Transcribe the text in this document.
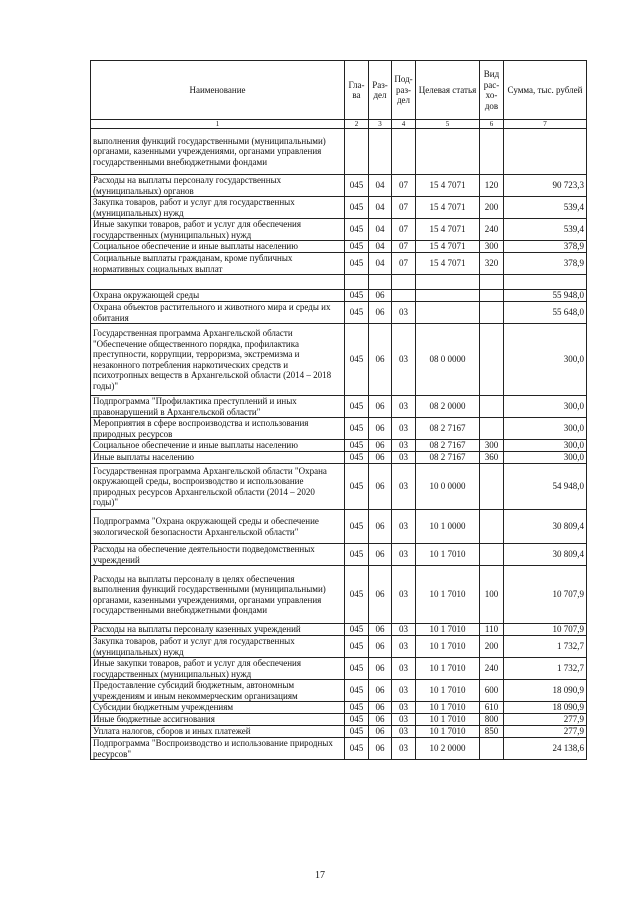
Наименование	Гла-ва	Раз-дел	Под-раз-дел	Целевая статья	Вид рас-хо-дов	Сумма, тыс. рублей
1	2	3	4	5	6	7
выполнения функций государственными (муниципальными) органами, казенными учреждениями, органами управления государственными внебюджетными фондами						
Расходы на выплаты персоналу государственных (муниципальных) органов	045	04	07	15 4 7071	120	90 723,3
Закупка товаров, работ и услуг для государственных (муниципальных) нужд	045	04	07	15 4 7071	200	539,4
Иные закупки товаров, работ и услуг для обеспечения государственных (муниципальных) нужд	045	04	07	15 4 7071	240	539,4
Социальное обеспечение и иные выплаты населению	045	04	07	15 4 7071	300	378,9
Социальные выплаты гражданам, кроме публичных нормативных социальных выплат	045	04	07	15 4 7071	320	378,9

Охрана окружающей среды	045	06				55 948,0
Охрана объектов растительного и животного мира и среды их обитания	045	06	03			55 648,0
Государственная программа Архангельской области "Обеспечение общественного порядка, профилактика преступности, коррупции, терроризма, экстремизма и незаконного потребления наркотических средств и психотропных веществ в Архангельской области (2014 – 2018 годы)"	045	06	03	08 0 0000		300,0
Подпрограмма "Профилактика преступлений и иных правонарушений в Архангельской области"	045	06	03	08 2 0000		300,0
Мероприятия в сфере воспроизводства и использования природных ресурсов	045	06	03	08 2 7167		300,0
Социальное обеспечение и иные выплаты населению	045	06	03	08 2 7167	300	300,0
Иные выплаты населению	045	06	03	08 2 7167	360	300,0
Государственная программа Архангельской области "Охрана окружающей среды, воспроизводство и использование природных ресурсов Архангельской области (2014 – 2020 годы)"	045	06	03	10 0 0000		54 948,0
Подпрограмма "Охрана окружающей среды и обеспечение экологической безопасности Архангельской области"	045	06	03	10 1 0000		30 809,4
Расходы на обеспечение деятельности подведомственных учреждений	045	06	03	10 1 7010		30 809,4
Расходы на выплаты персоналу в целях обеспечения выполнения функций государственными (муниципальными) органами, казенными учреждениями, органами управления государственными внебюджетными фондами	045	06	03	10 1 7010	100	10 707,9
Расходы на выплаты персоналу казенных учреждений	045	06	03	10 1 7010	110	10 707,9
Закупка товаров, работ и услуг для государственных (муниципальных) нужд	045	06	03	10 1 7010	200	1 732,7
Иные закупки товаров, работ и услуг для обеспечения государственных (муниципальных) нужд	045	06	03	10 1 7010	240	1 732,7
Предоставление субсидий бюджетным, автономным учреждениям и иным некоммерческим организациям	045	06	03	10 1 7010	600	18 090,9
Субсидии бюджетным учреждениям	045	06	03	10 1 7010	610	18 090,9
Иные бюджетные ассигнования	045	06	03	10 1 7010	800	277,9
Уплата налогов, сборов и иных платежей	045	06	03	10 1 7010	850	277,9
Подпрограмма "Воспроизводство и использование природных ресурсов"	045	06	03	10 2 0000		24 138,6
17
